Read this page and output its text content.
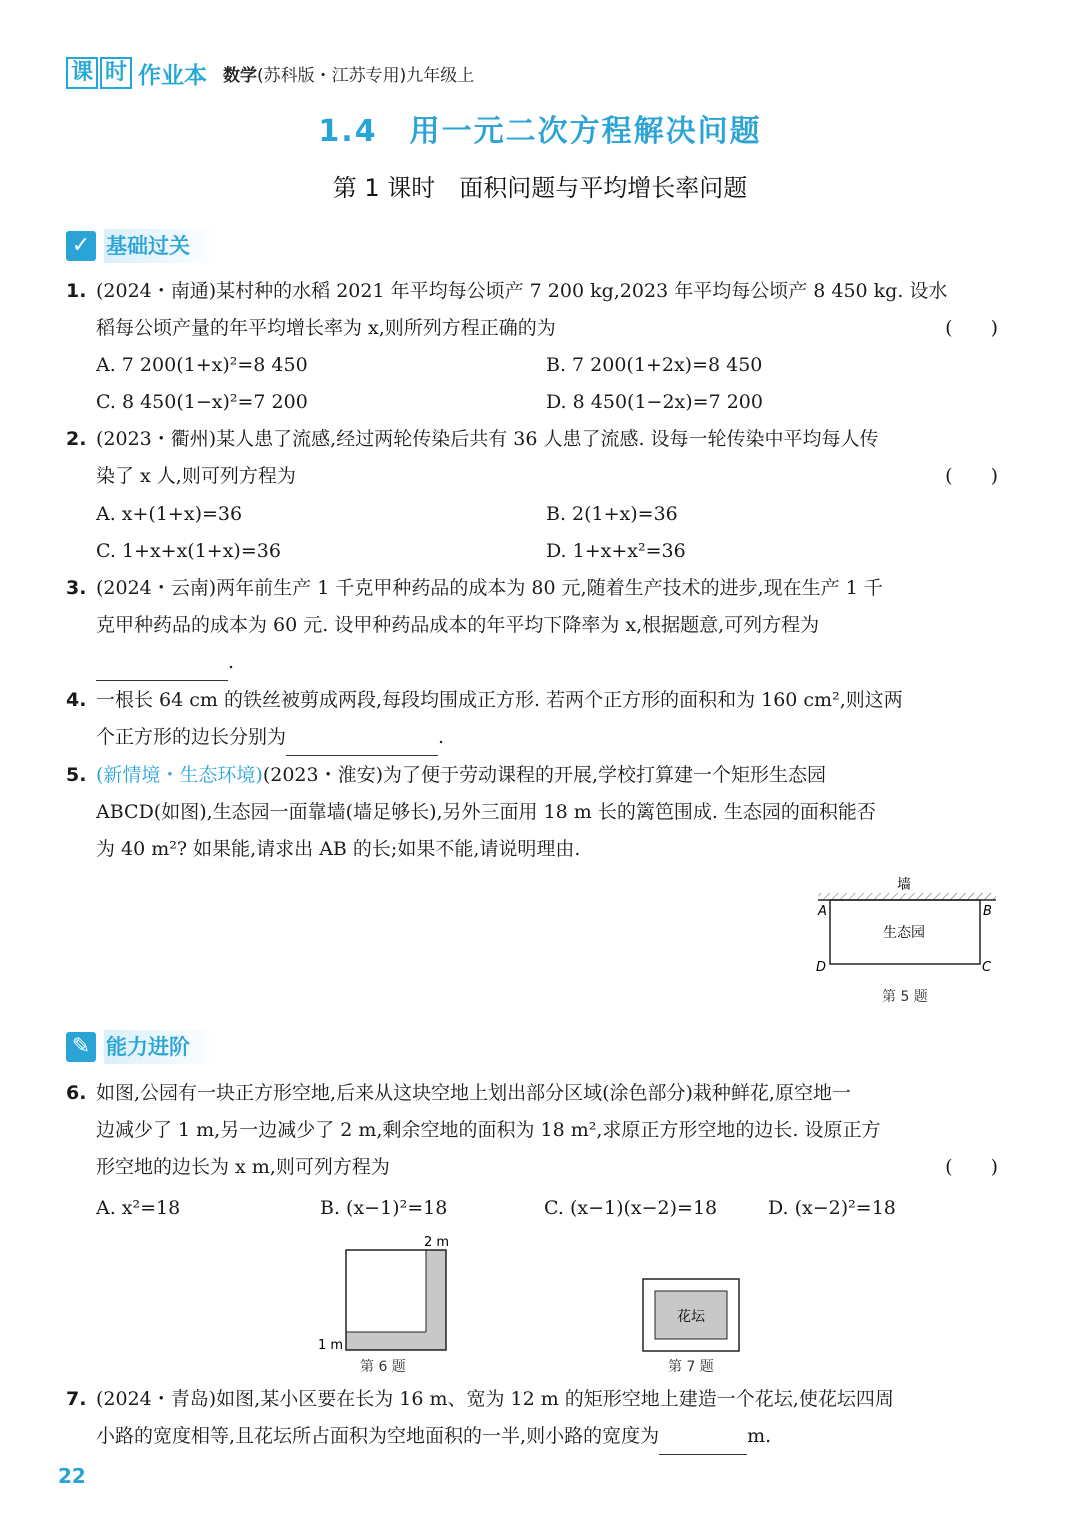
课 时 作业本 数学(苏科版・江苏专用)九年级上
1.4　用一元二次方程解决问题
第 1 课时　面积问题与平均增长率问题
✓ 基础过关
1. (2024・南通)某村种的水稻 2021 年平均每公顷产 7 200 kg,2023 年平均每公顷产 8 450 kg. 设水
稻每公顷产量的年平均增长率为 x,则所列方程正确的为	(　　)
A. 7 200(1+x)²=8 450	B. 7 200(1+2x)=8 450
C. 8 450(1−x)²=7 200	D. 8 450(1−2x)=7 200
2. (2023・衢州)某人患了流感,经过两轮传染后共有 36 人患了流感. 设每一轮传染中平均每人传
染了 x 人,则可列方程为	(　　)
A. x+(1+x)=36	B. 2(1+x)=36
C. 1+x+x(1+x)=36	D. 1+x+x²=36
3. (2024・云南)两年前生产 1 千克甲种药品的成本为 80 元,随着生产技术的进步,现在生产 1 千
克甲种药品的成本为 60 元. 设甲种药品成本的年平均下降率为 x,根据题意,可列方程为
.
4. 一根长 64 cm 的铁丝被剪成两段,每段均围成正方形. 若两个正方形的面积和为 160 cm²,则这两
个正方形的边长分别为	.
5. (新情境・生态环境)(2023・淮安)为了便于劳动课程的开展,学校打算建一个矩形生态园
ABCD(如图),生态园一面靠墙(墙足够长),另外三面用 18 m 长的篱笆围成. 生态园的面积能否
为 40 m²? 如果能,请求出 AB 的长;如果不能,请说明理由.
墙
生态园
A	B
C
D
第 5 题
✎ 能力进阶
6. 如图,公园有一块正方形空地,后来从这块空地上划出部分区域(涂色部分)栽种鲜花,原空地一
边减少了 1 m,另一边减少了 2 m,剩余空地的面积为 18 m²,求原正方形空地的边长. 设原正方
形空地的边长为 x m,则可列方程为	(　　)
A. x²=18	B. (x−1)²=18	C. (x−1)(x−2)=18	D. (x−2)²=18
2 m
1 m
第 6 题
花坛
第 7 题
7. (2024・青岛)如图,某小区要在长为 16 m、宽为 12 m 的矩形空地上建造一个花坛,使花坛四周
小路的宽度相等,且花坛所占面积为空地面积的一半,则小路的宽度为	m.
22
